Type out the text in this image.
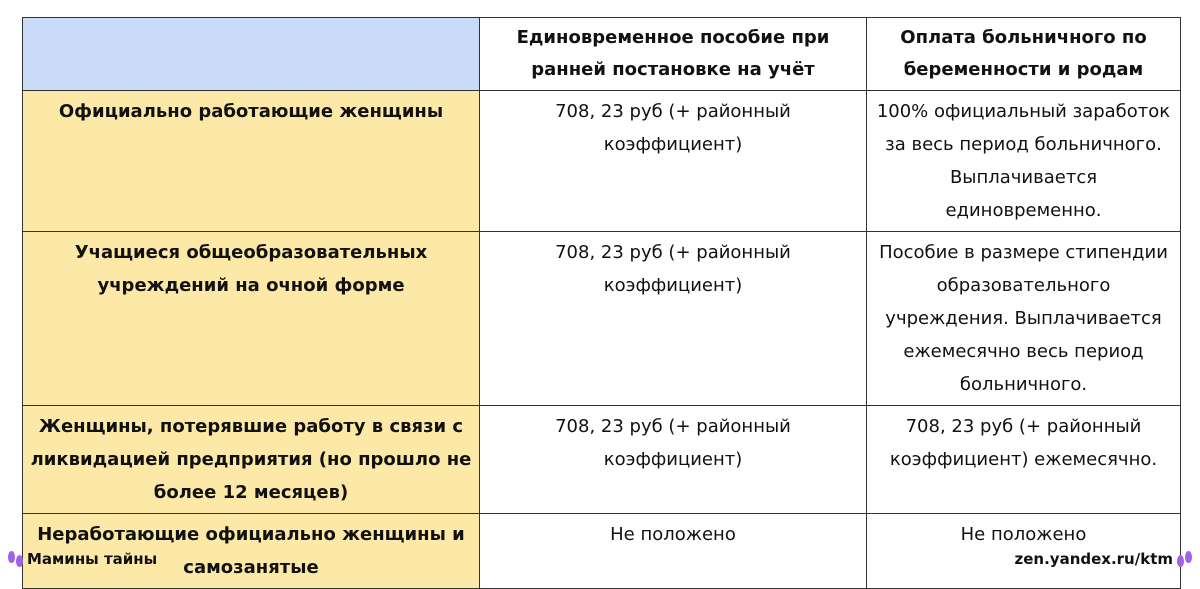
	Единовременное пособие при ранней постановке на учёт	Оплата больничного по беременности и родам
Официально работающие женщины	708, 23 руб (+ районный коэффициент)	100% официальный заработок за весь период больничного. Выплачивается единовременно.
Учащиеся общеобразовательных учреждений на очной форме	708, 23 руб (+ районный коэффициент)	Пособие в размере стипендии образовательного учреждения. Выплачивается ежемесячно весь период больничного.
Женщины, потерявшие работу в связи с ликвидацией предприятия (но прошло не более 12 месяцев)	708, 23 руб (+ районный коэффициент)	708, 23 руб (+ районный коэффициент) ежемесячно.
Неработающие официально женщины и самозанятые	Не положено	Не положено
Мамины тайны	zen.yandex.ru/ktm
